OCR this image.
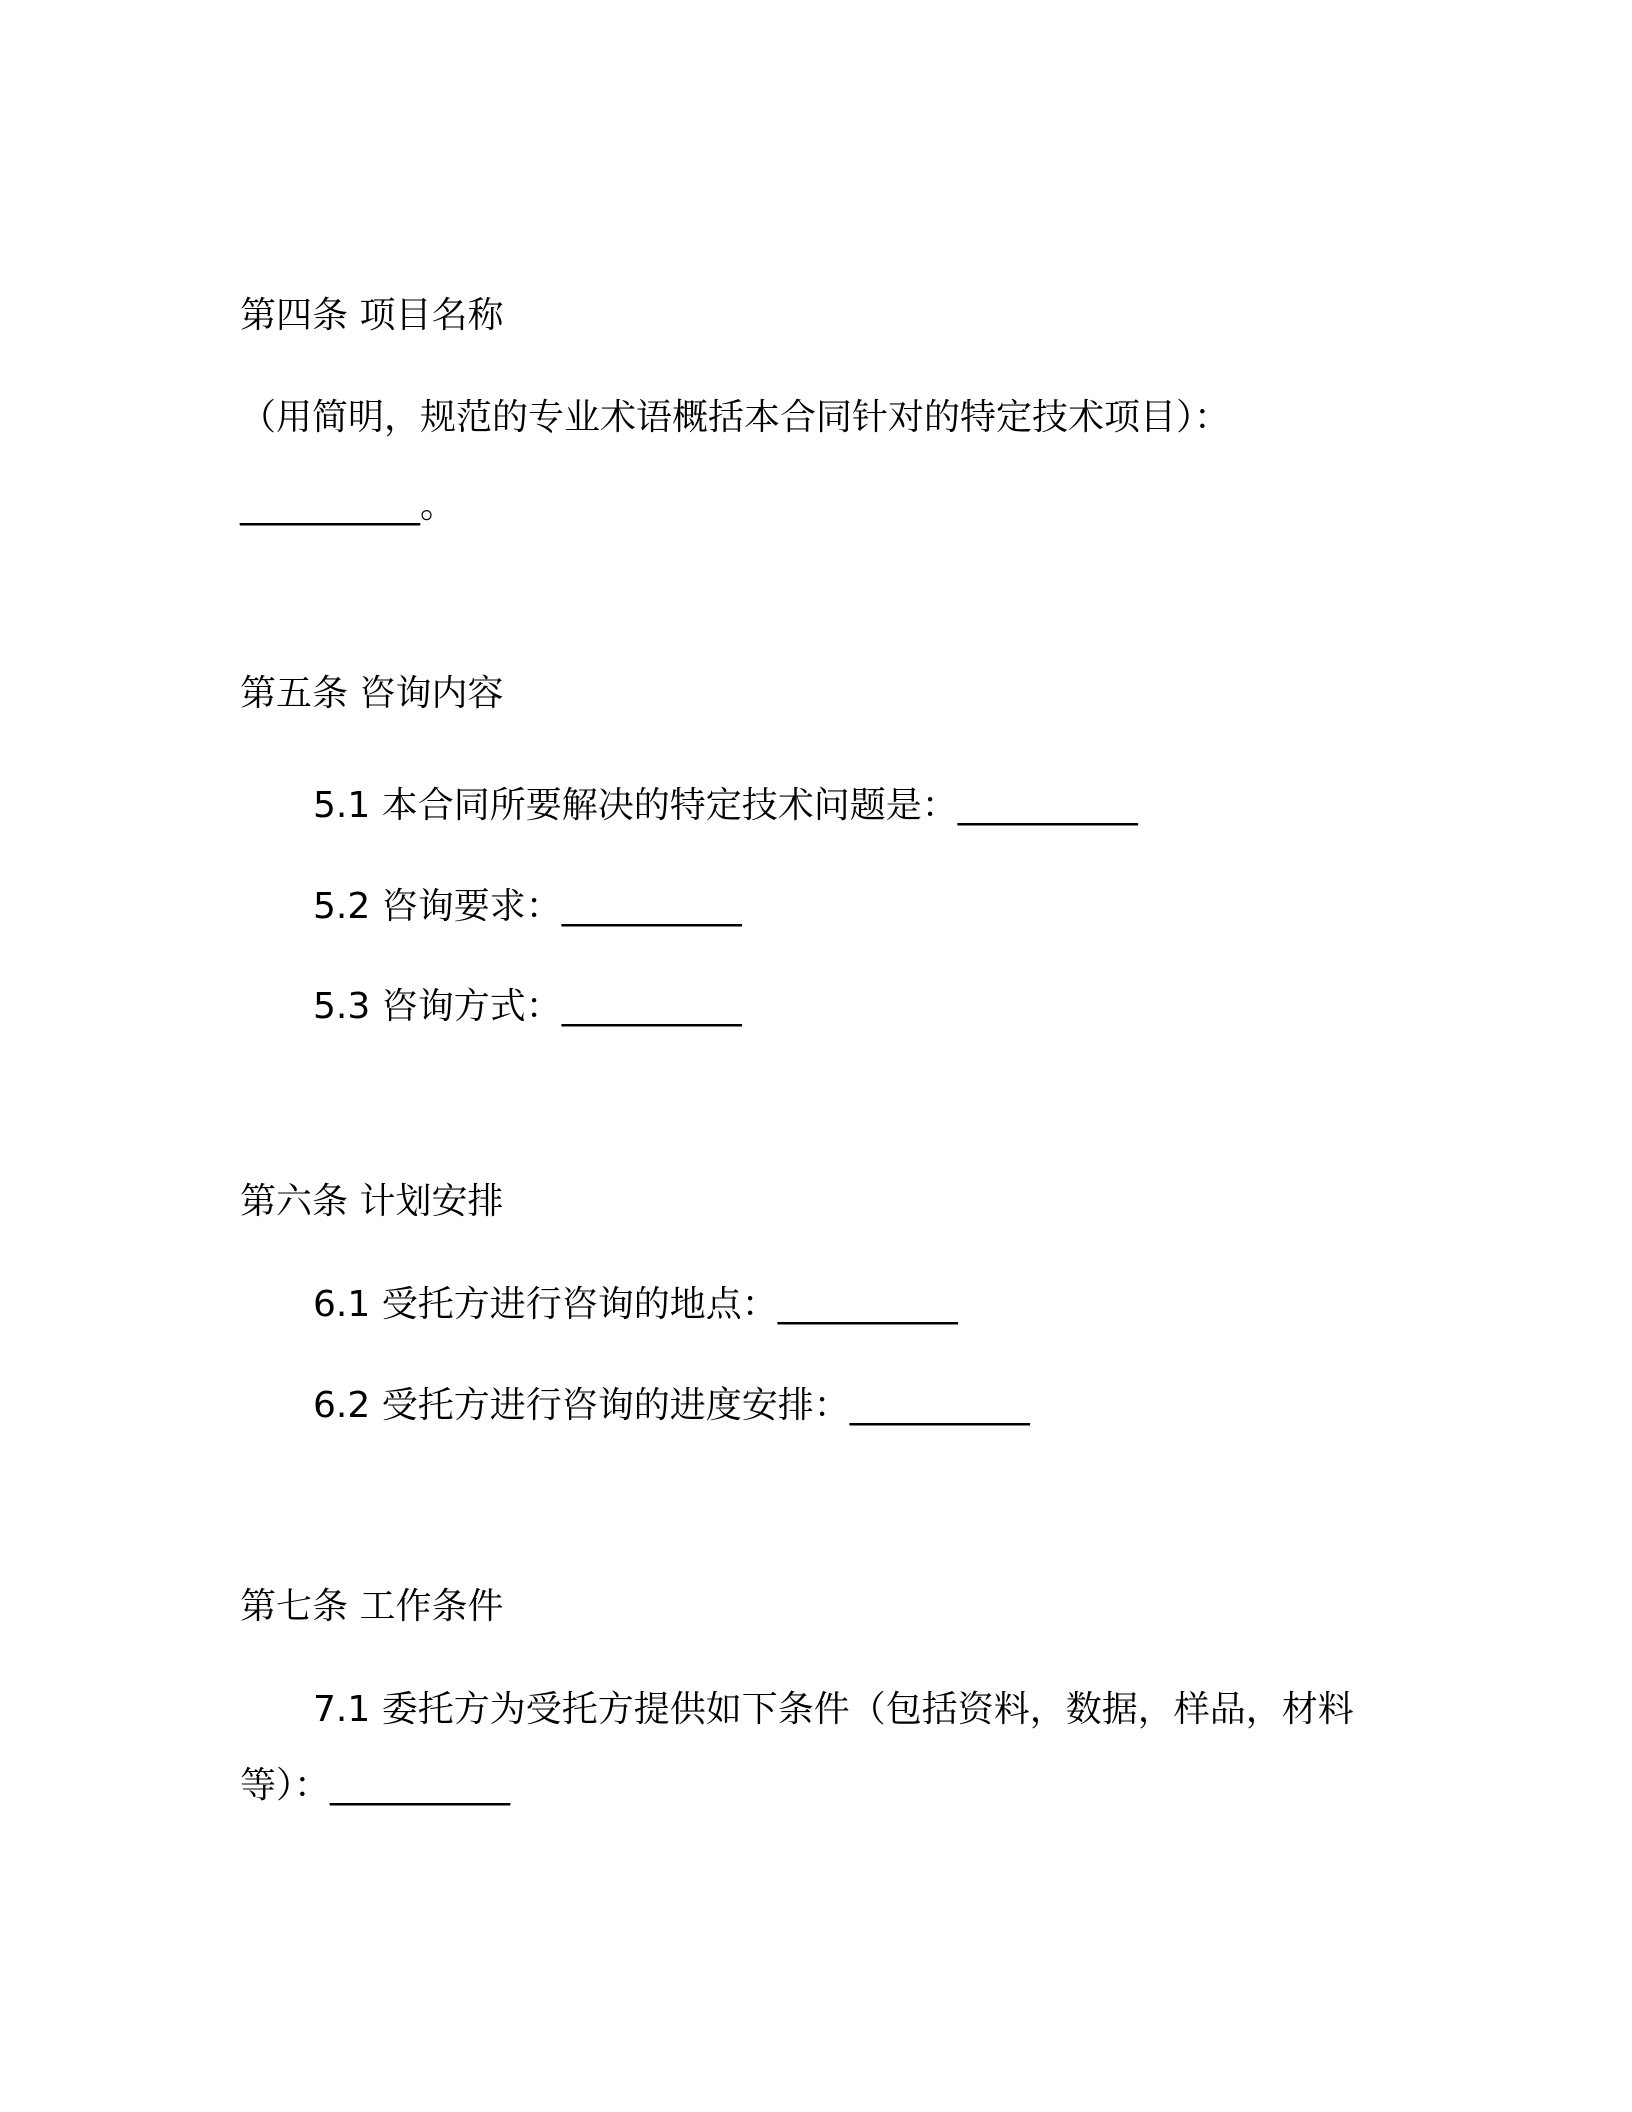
第四条 项目名称
（用简明，规范的专业术语概括本合同针对的特定技术项目）：
__________。
第五条 咨询内容
5.1 本合同所要解决的特定技术问题是：__________
5.2 咨询要求：__________
5.3 咨询方式：__________
第六条 计划安排
6.1 受托方进行咨询的地点：__________
6.2 受托方进行咨询的进度安排：__________
第七条 工作条件
7.1 委托方为受托方提供如下条件（包括资料，数据，样品，材料
等）：__________
